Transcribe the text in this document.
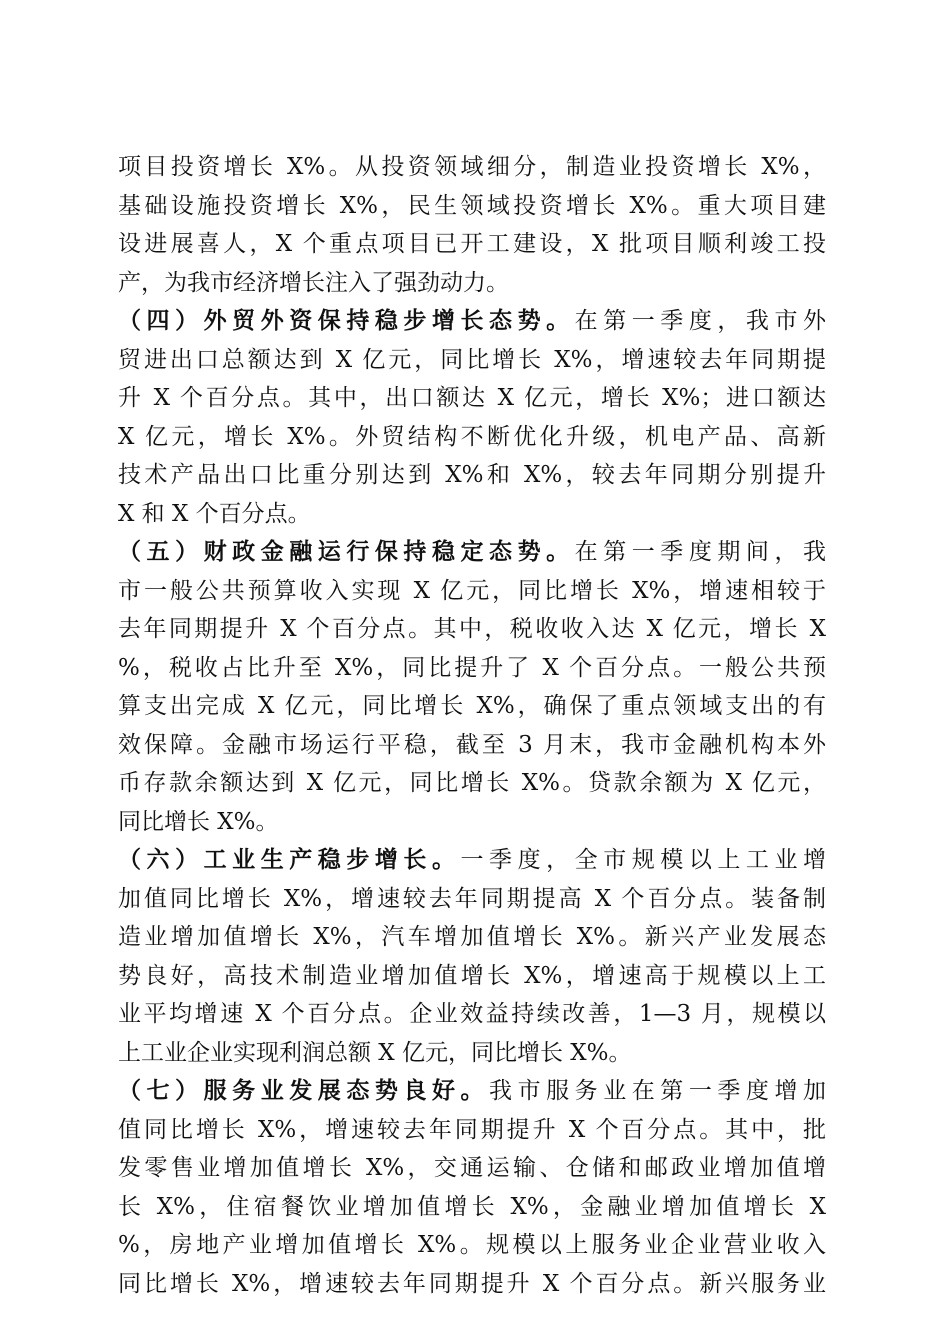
项目投资增长 X%。从投资领域细分，制造业投资增长 X%，
基础设施投资增长 X%，民生领域投资增长 X%。重大项目建
设进展喜人，X 个重点项目已开工建设，X 批项目顺利竣工投
产，为我市经济增长注入了强劲动力。
（四）外贸外资保持稳步增长态势。在第一季度，我市外
贸进出口总额达到 X 亿元，同比增长 X%，增速较去年同期提
升 X 个百分点。其中，出口额达 X 亿元，增长 X%；进口额达
X 亿元，增长 X%。外贸结构不断优化升级，机电产品、高新
技术产品出口比重分别达到 X%和 X%，较去年同期分别提升
X 和 X 个百分点。
（五）财政金融运行保持稳定态势。在第一季度期间，我
市一般公共预算收入实现 X 亿元，同比增长 X%，增速相较于
去年同期提升 X 个百分点。其中，税收收入达 X 亿元，增长 X
%，税收占比升至 X%，同比提升了 X 个百分点。一般公共预
算支出完成 X 亿元，同比增长 X%，确保了重点领域支出的有
效保障。金融市场运行平稳，截至 3 月末，我市金融机构本外
币存款余额达到 X 亿元，同比增长 X%。贷款余额为 X 亿元，
同比增长 X%。
（六）工业生产稳步增长。一季度，全市规模以上工业增
加值同比增长 X%，增速较去年同期提高 X 个百分点。装备制
造业增加值增长 X%，汽车增加值增长 X%。新兴产业发展态
势良好，高技术制造业增加值增长 X%，增速高于规模以上工
业平均增速 X 个百分点。企业效益持续改善，1—3 月，规模以
上工业企业实现利润总额 X 亿元，同比增长 X%。
（七）服务业发展态势良好。我市服务业在第一季度增加
值同比增长 X%，增速较去年同期提升 X 个百分点。其中，批
发零售业增加值增长 X%，交通运输、仓储和邮政业增加值增
长 X%，住宿餐饮业增加值增长 X%，金融业增加值增长 X
%，房地产业增加值增长 X%。规模以上服务业企业营业收入
同比增长 X%，增速较去年同期提升 X 个百分点。新兴服务业
